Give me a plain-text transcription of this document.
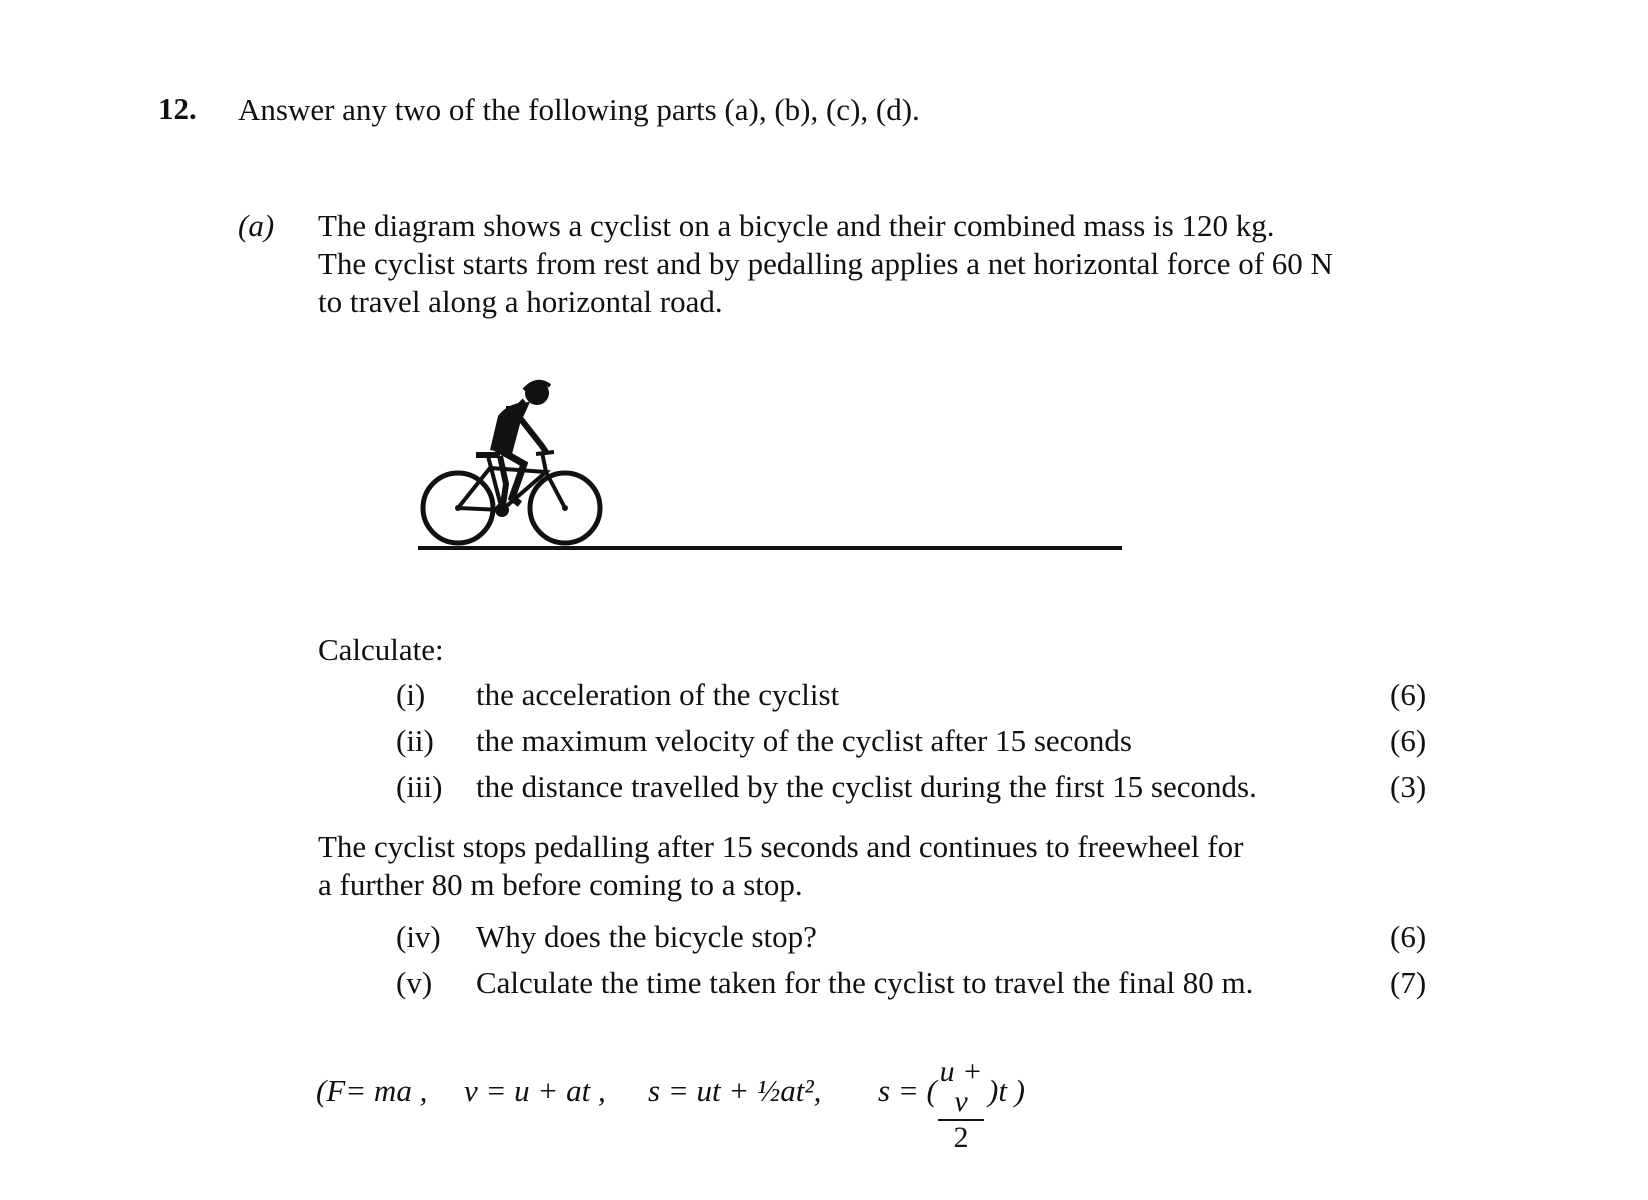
12. Answer any two of the following parts (a), (b), (c), (d).
(a) The diagram shows a cyclist on a bicycle and their combined mass is 120 kg.
The cyclist starts from rest and by pedalling applies a net horizontal force of 60 N
to travel along a horizontal road.
Calculate:
(i) the acceleration of the cyclist	(6)
(ii) the maximum velocity of the cyclist after 15 seconds	(6)
(iii) the distance travelled by the cyclist during the first 15 seconds.	(3)
The cyclist stops pedalling after 15 seconds and continues to freewheel for
a further 80 m before coming to a stop.
(iv) Why does the bicycle stop?	(6)
(v) Calculate the time taken for the cyclist to travel the final 80 m.	(7)
(F= ma , v = u + at , s = ut + ½at², s = (
u + v
2
)t )
